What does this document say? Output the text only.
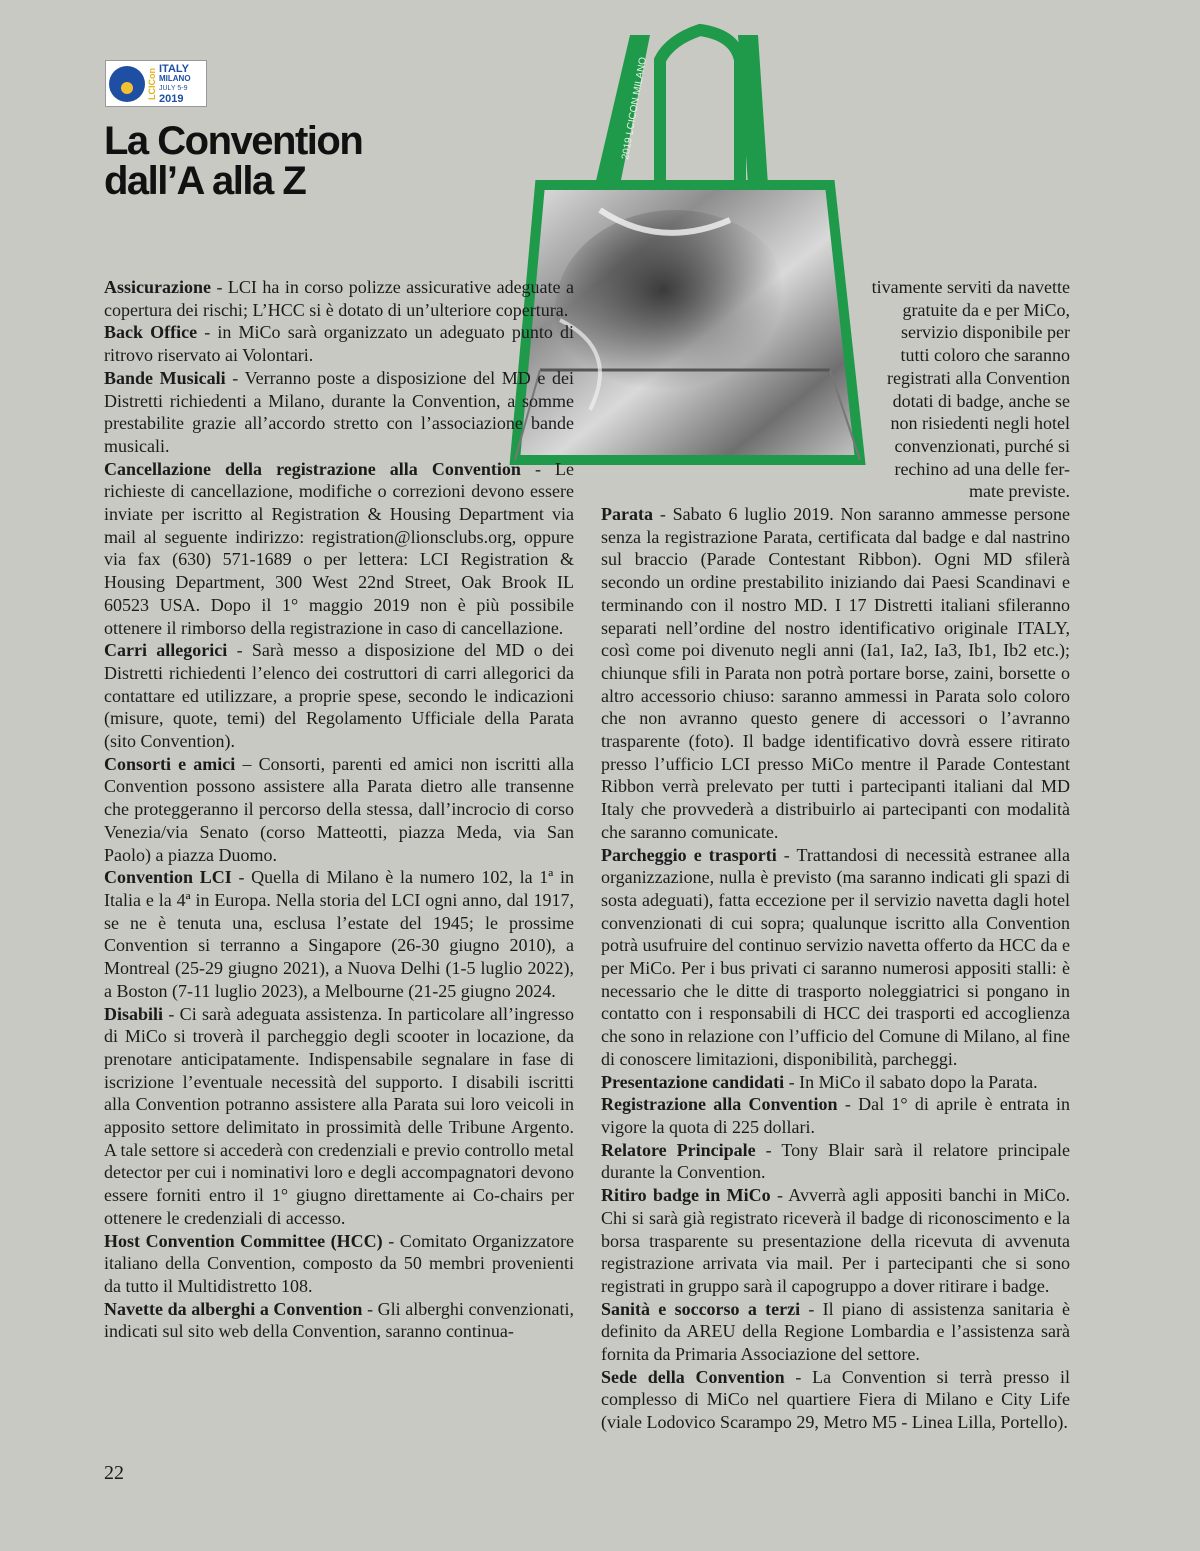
LCICon ITALY
MILANO
JULY 5-9
2019
La Convention
dall’A alla Z
2019 LCICON MILANO

Assicurazione - LCI ha in corso polizze assicurative adeguate a copertura dei rischi; L’HCC si è dotato di un’ulteriore copertura.

Back Office - in MiCo sarà organizzato un adeguato punto di ritrovo riservato ai Volontari.

Bande Musicali - Verranno poste a disposizione del MD e dei Distretti richiedenti a Milano, durante la Convention, a somme prestabilite grazie all’accordo stretto con l’associazione bande musicali.

Cancellazione della registrazione alla Convention - Le richieste di cancellazione, modifiche o correzioni devono essere inviate per iscritto al Registration & Housing Department via mail al seguente indirizzo: registration@lionsclubs.org, oppure via fax (630) 571-1689 o per lettera: LCI Registration & Housing Department, 300 West 22nd Street, Oak Brook IL 60523 USA. Dopo il 1° maggio 2019 non è più possibile ottenere il rimborso della registrazione in caso di cancellazione.

Carri allegorici - Sarà messo a disposizione del MD o dei Distretti richiedenti l’elenco dei costruttori di carri allegorici da contattare ed utilizzare, a proprie spese, secondo le indicazioni (misure, quote, temi) del Regolamento Ufficiale della Parata (sito Convention).

Consorti e amici – Consorti, parenti ed amici non iscritti alla Convention possono assistere alla Parata dietro alle transenne che proteggeranno il percorso della stessa, dall’incrocio di corso Venezia/via Senato (corso Matteotti, piazza Meda, via San Paolo) a piazza Duomo.

Convention LCI - Quella di Milano è la numero 102, la 1ª in Italia e la 4ª in Europa. Nella storia del LCI ogni anno, dal 1917, se ne è tenuta una, esclusa l’estate del 1945; le prossime Convention si terranno a Singapore (26-30 giugno 2010), a Montreal (25-29 giugno 2021), a Nuova Delhi (1-5 luglio 2022), a Boston (7-11 luglio 2023), a Melbourne (21-25 giugno 2024.

Disabili - Ci sarà adeguata assistenza. In particolare all’ingresso di MiCo si troverà il parcheggio degli scooter in locazione, da prenotare anticipatamente. Indispensabile segnalare in fase di iscrizione l’eventuale necessità del supporto. I disabili iscritti alla Convention potranno assistere alla Parata sui loro veicoli in apposito settore delimitato in prossimità delle Tribune Argento. A tale settore si accederà con credenziali e previo controllo metal detector per cui i nominativi loro e degli accompagnatori devono essere forniti entro il 1° giugno direttamente ai Co-chairs per ottenere le credenziali di accesso.

Host Convention Committee (HCC) - Comitato Organizzatore italiano della Convention, composto da 50 membri provenienti da tutto il Multidistretto 108.

Navette da alberghi a Convention - Gli alberghi convenzionati, indicati sul sito web della Convention, saranno continua-

tivamente serviti da navette
gratuite da e per MiCo,
servizio disponibile per
tutti coloro che saranno
registrati alla Convention
dotati di badge, anche se
non risiedenti negli hotel
convenzionati, purché si
rechino ad una delle fer-
mate previste.

Parata - Sabato 6 luglio 2019. Non saranno ammesse persone senza la registrazione Parata, certificata dal badge e dal nastrino sul braccio (Parade Contestant Ribbon). Ogni MD sfilerà secondo un ordine prestabilito iniziando dai Paesi Scandinavi e terminando con il nostro MD. I 17 Distretti italiani sfileranno separati nell’ordine del nostro identificativo originale ITALY, così come poi divenuto negli anni (Ia1, Ia2, Ia3, Ib1, Ib2 etc.); chiunque sfili in Parata non potrà portare borse, zaini, borsette o altro accessorio chiuso: saranno ammessi in Parata solo coloro che non avranno questo genere di accessori o l’avranno trasparente (foto). Il badge identificativo dovrà essere ritirato presso l’ufficio LCI presso MiCo mentre il Parade Contestant Ribbon verrà prelevato per tutti i partecipanti italiani dal MD Italy che provvederà a distribuirlo ai partecipanti con modalità che saranno comunicate.

Parcheggio e trasporti - Trattandosi di necessità estranee alla organizzazione, nulla è previsto (ma saranno indicati gli spazi di sosta adeguati), fatta eccezione per il servizio navetta dagli hotel convenzionati di cui sopra; qualunque iscritto alla Convention potrà usufruire del continuo servizio navetta offerto da HCC da e per MiCo. Per i bus privati ci saranno numerosi appositi stalli: è necessario che le ditte di trasporto noleggiatrici si pongano in contatto con i responsabili di HCC dei trasporti ed accoglienza che sono in relazione con l’ufficio del Comune di Milano, al fine di conoscere limitazioni, disponibilità, parcheggi.

Presentazione candidati - In MiCo il sabato dopo la Parata.

Registrazione alla Convention - Dal 1° di aprile è entrata in vigore la quota di 225 dollari.

Relatore Principale - Tony Blair sarà il relatore principale durante la Convention.

Ritiro badge in MiCo - Avverrà agli appositi banchi in MiCo. Chi si sarà già registrato riceverà il badge di riconoscimento e la borsa trasparente su presentazione della ricevuta di avvenuta registrazione arrivata via mail. Per i partecipanti che si sono registrati in gruppo sarà il capogruppo a dover ritirare i badge.

Sanità e soccorso a terzi - Il piano di assistenza sanitaria è definito da AREU della Regione Lombardia e l’assistenza sarà fornita da Primaria Associazione del settore.

Sede della Convention - La Convention si terrà presso il complesso di MiCo nel quartiere Fiera di Milano e City Life (viale Lodovico Scarampo 29, Metro M5 - Linea Lilla, Portello).

22
